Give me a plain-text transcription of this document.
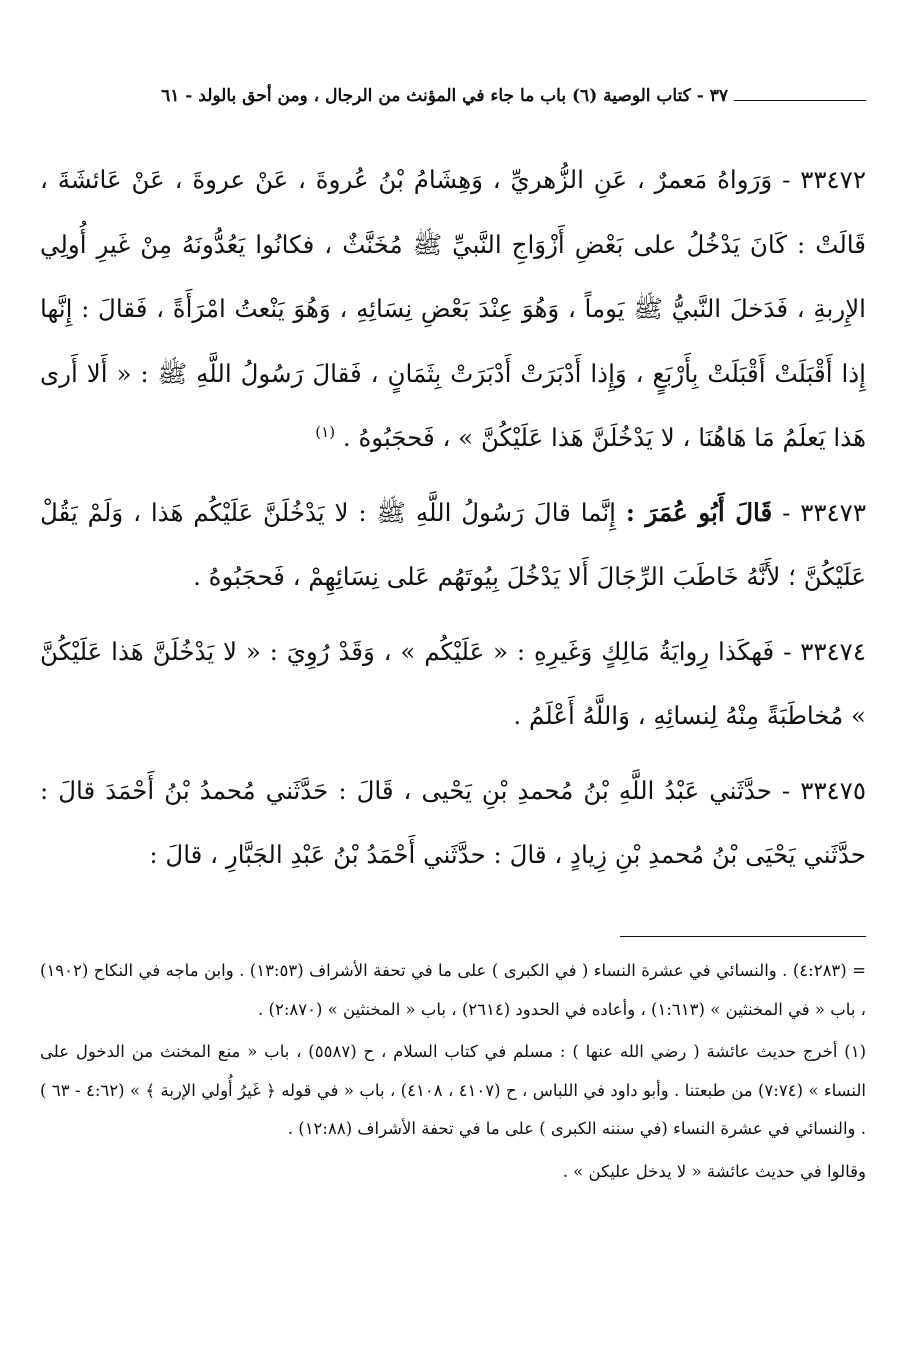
٣٧ - كتاب الوصية (٦) باب ما جاء في المؤنث من الرجال ، ومن أحق بالولد - ٦١

٣٣٤٧٢ - وَرَواهُ مَعمرٌ ، عَنِ الزُّهريِّ ، وَهِشَامُ بْنُ عُروةَ ، عَنْ عروةَ ، عَنْ عَائشَةَ ، قَالَتْ : كَانَ يَدْخُلُ على بَعْضِ أَزْوَاجِ النَّبيِّ ﷺ مُخَنَّثٌ ، فكانُوا يَعُدُّونَهُ مِنْ غَيرِ أُولِي الإِربةِ ، فَدَخلَ النَّبيُّ ﷺ يَوماً ، وَهُوَ عِنْدَ بَعْضِ نِسَائِهِ ، وَهُوَ يَنْعتُ امْرَأَةً ، فَقالَ : إِنَّها إِذا أَقْبَلَتْ أَقْبَلَتْ بِأَرْبَعٍ ، وَإِذا أَدْبَرَتْ أَدْبَرَتْ بِثَمَانٍ ، فَقالَ رَسُولُ اللَّهِ ﷺ : « أَلا أَرى هَذا يَعلَمُ مَا هَاهُنَا ، لا يَدْخُلَنَّ هَذا عَلَيْكُنَّ » ، فَحجَبُوهُ . $^{(١)}$

٣٣٤٧٣ - قَالَ أَبُو عُمَرَ : إِنَّما قالَ رَسُولُ اللَّهِ ﷺ : لا يَدْخُلَنَّ عَلَيْكُم هَذا ، وَلَمْ يَقُلْ عَلَيْكُنَّ ؛ لأَنَّهُ خَاطَبَ الرِّجَالَ أَلا يَدْخُلَ بِيُوتَهُم عَلى نِسَائِهِمْ ، فَحجَبُوهُ .

٣٣٤٧٤ - فَهكَذا رِوايَةُ مَالِكٍ وَغَيرِهِ : « عَلَيْكُم » ، وَقَدْ رُوِيَ : « لا يَدْخُلَنَّ هَذا عَلَيْكُنَّ » مُخاطَبَةً مِنْهُ لِنسائِهِ ، وَاللَّهُ أَعْلَمُ .

٣٣٤٧٥ - حدَّثَني عَبْدُ اللَّهِ بْنُ مُحمدِ بْنِ يَحْيى ، قَالَ : حَدَّثَني مُحمدُ بْنُ أَحْمَدَ قالَ : حدَّثَني يَحْيَى بْنُ مُحمدِ بْنِ زِيادٍ ، قالَ : حدَّثَني أَحْمَدُ بْنُ عَبْدِ الجَبَّارِ ، قالَ :

= (٤:٢٨٣) . والنسائي في عشرة النساء ( في الكبرى ) على ما في تحفة الأشراف (١٣:٥٣) . وابن ماجه في النكاح (١٩٠٢) ، باب « في المخنثين » (١:٦١٣) ، وأعاده في الحدود (٢٦١٤) ، باب « المخنثين » (٢:٨٧٠) .

(١) أخرج حديث عائشة ( رضي الله عنها ) : مسلم في كتاب السلام ، ح (٥٥٨٧) ، باب « منع المخنث من الدخول على النساء » (٧:٧٤) من طبعتنا . وأبو داود في اللباس ، ح (٤١٠٧ ، ٤١٠٨) ، باب « في قوله ﴿ غَيرُ أُولي الإربة ﴾ » (٤:٦٢ - ٦٣ ) . والنسائي في عشرة النساء (في سننه الكبرى ) على ما في تحفة الأشراف (١٢:٨٨) .

وقالوا في حديث عائشة « لا يدخل عليكن » .
